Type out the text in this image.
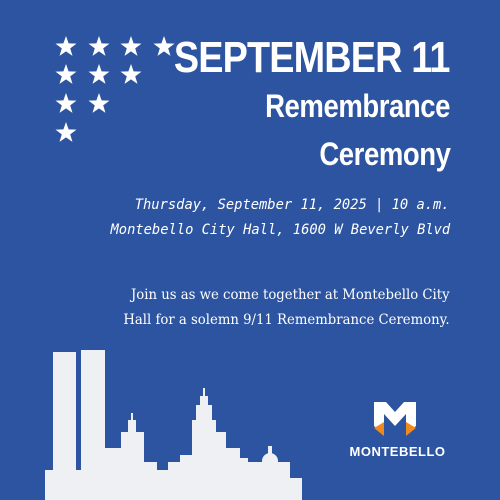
SEPTEMBER 11
Remembrance
Ceremony
Thursday, September 11, 2025 | 10 a.m.
Montebello City Hall, 1600 W Beverly Blvd
Join us as we come together at Montebello City
Hall for a solemn 9/11 Remembrance Ceremony.
MONTEBELLO
